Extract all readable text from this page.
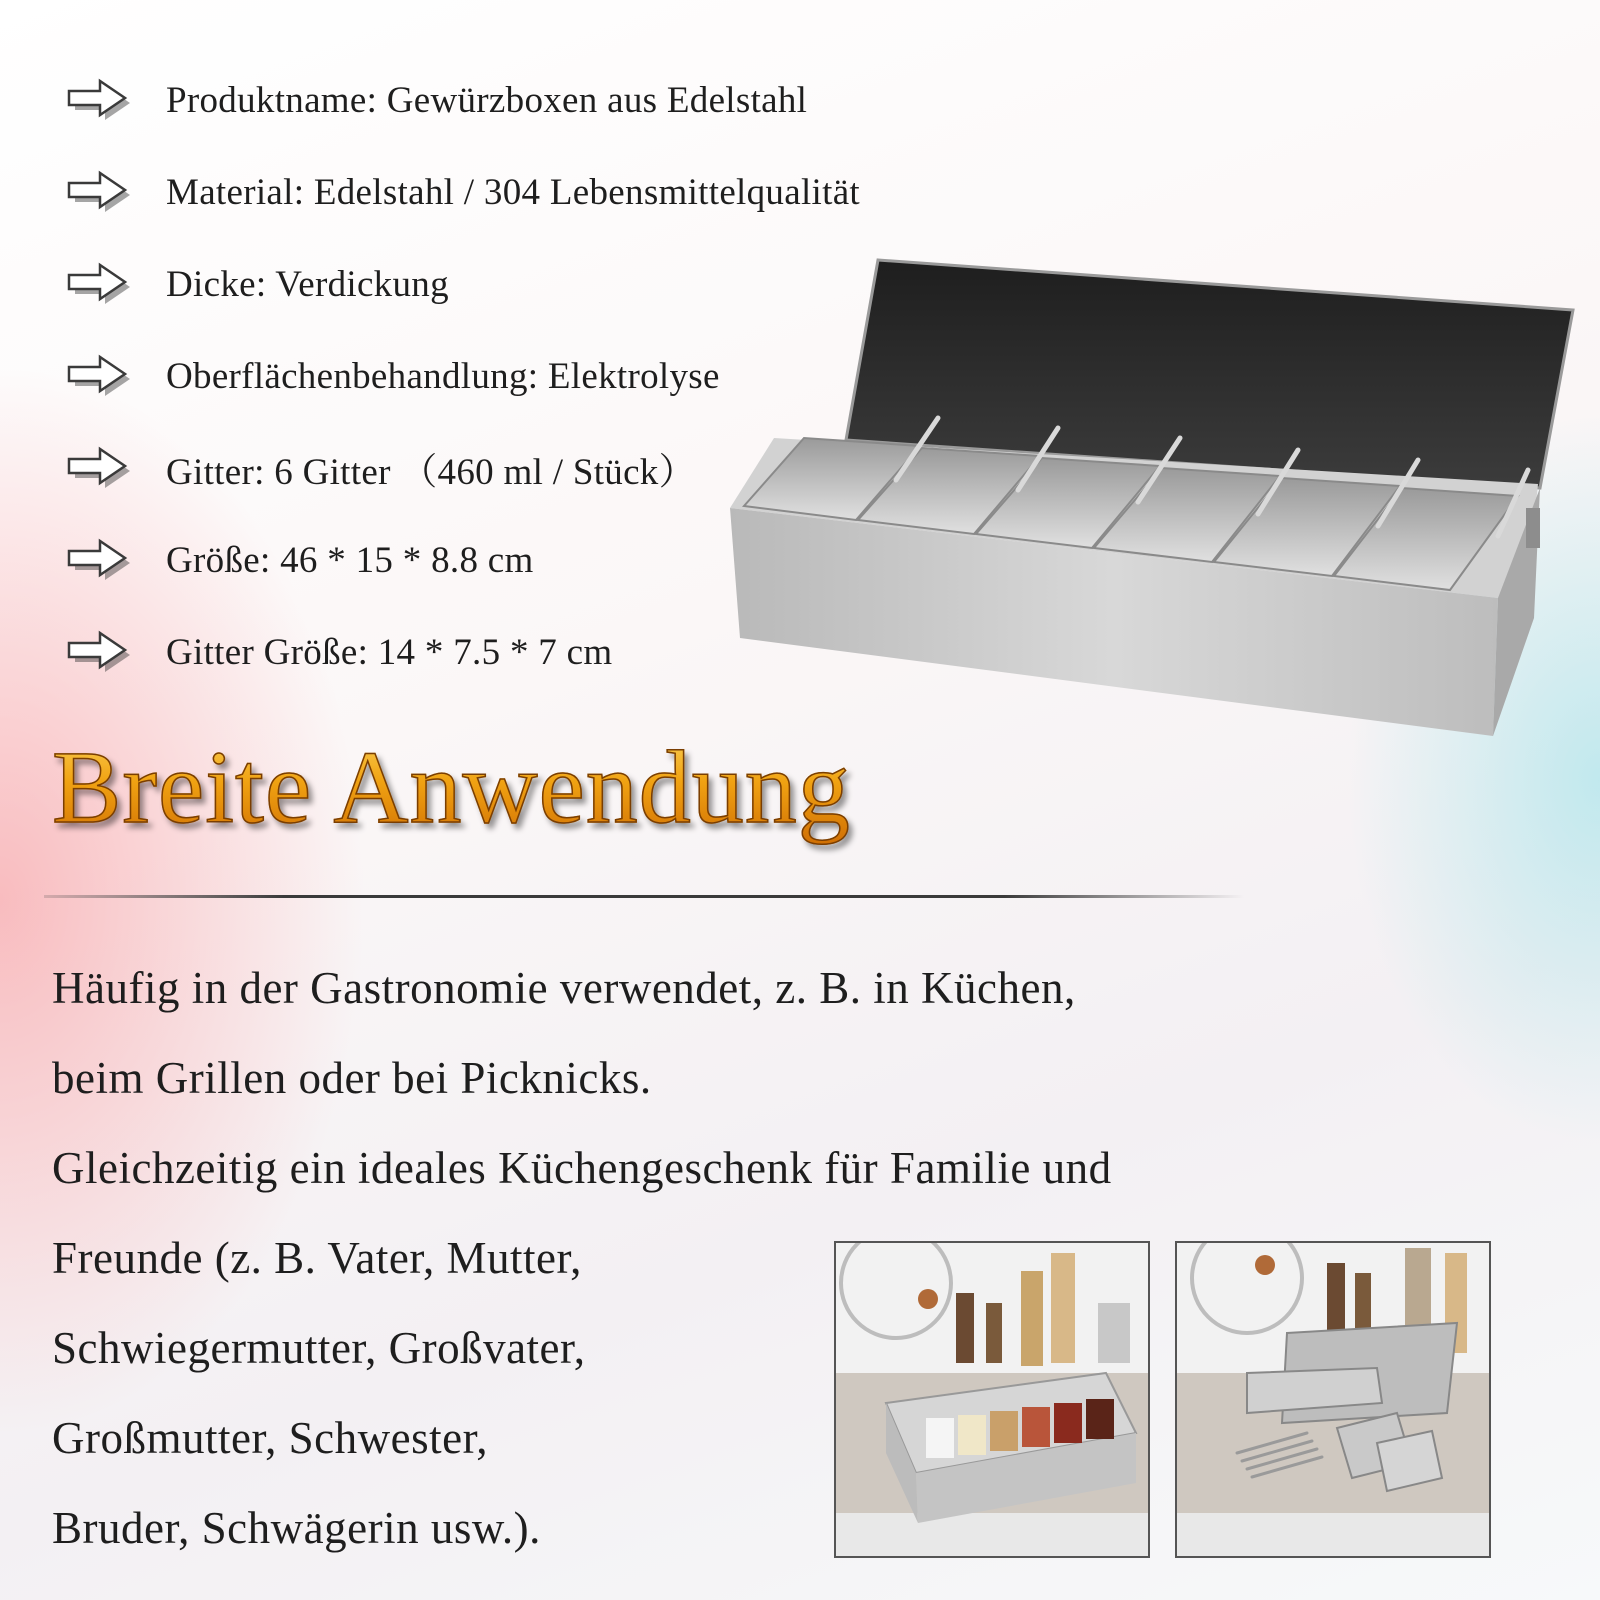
Produktname: Gewürzboxen aus Edelstahl
Material: Edelstahl / 304 Lebensmittelqualität
Dicke: Verdickung
Oberflächenbehandlung: Elektrolyse
Gitter: 6 Gitter （460 ml / Stück）
Größe: 46 * 15 * 8.8 cm
Gitter Größe: 14 * 7.5 * 7 cm
Breite Anwendung

Häufig in der Gastronomie verwendet, z. B. in Küchen,

beim Grillen oder bei Picknicks.

Gleichzeitig ein ideales Küchengeschenk für Familie und

Freunde (z. B. Vater, Mutter,

Schwiegermutter, Großvater,

Großmutter, Schwester,

Bruder, Schwägerin usw.).
